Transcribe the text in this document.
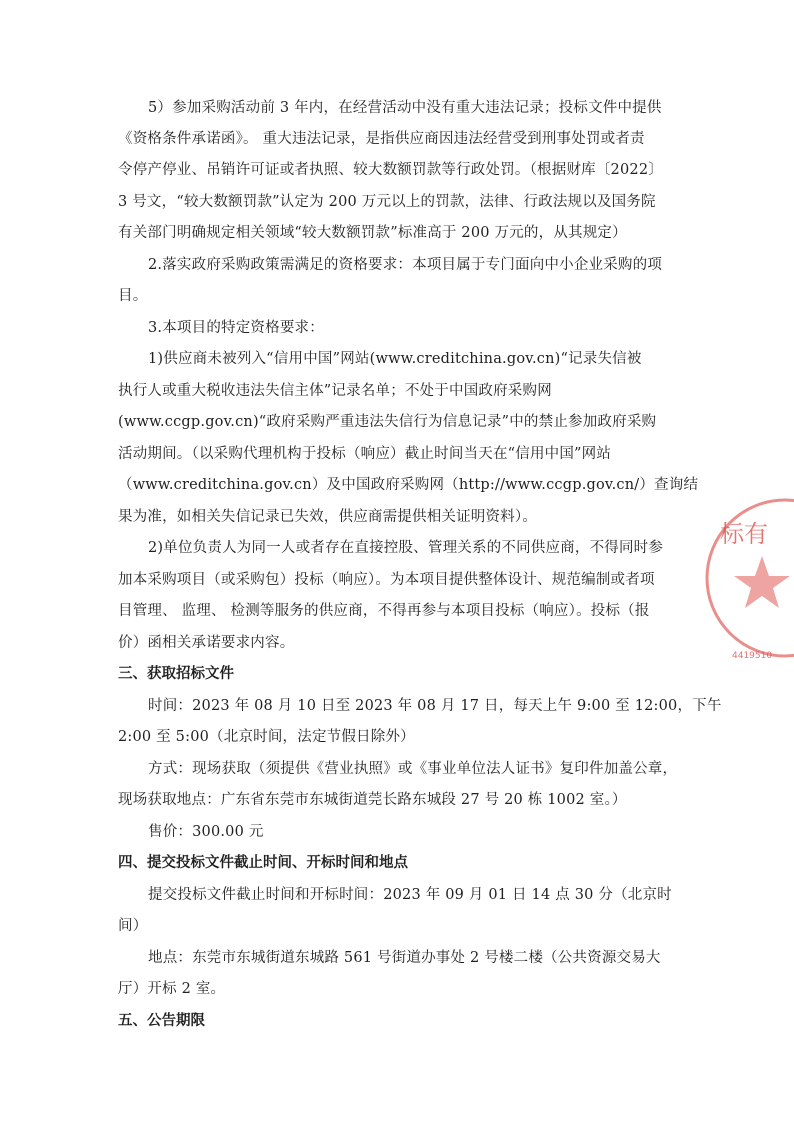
5）参加采购活动前 3 年内，在经营活动中没有重大违法记录；投标文件中提供
《资格条件承诺函》。 重大违法记录，是指供应商因违法经营受到刑事处罚或者责
令停产停业、吊销许可证或者执照、较大数额罚款等行政处罚。（根据财库〔2022〕
3 号文，“较大数额罚款”认定为 200 万元以上的罚款，法律、行政法规以及国务院
有关部门明确规定相关领域“较大数额罚款”标准高于 200 万元的，从其规定）
2.落实政府采购政策需满足的资格要求：本项目属于专门面向中小企业采购的项
目。
3.本项目的特定资格要求：
1)供应商未被列入“信用中国”网站(www.creditchina.gov.cn)“记录失信被
执行人或重大税收违法失信主体”记录名单；不处于中国政府采购网
(www.ccgp.gov.cn)“政府采购严重违法失信行为信息记录”中的禁止参加政府采购
活动期间。（以采购代理机构于投标（响应）截止时间当天在“信用中国”网站
（www.creditchina.gov.cn）及中国政府采购网（http://www.ccgp.gov.cn/）查询结
果为准，如相关失信记录已失效，供应商需提供相关证明资料）。
2)单位负责人为同一人或者存在直接控股、管理关系的不同供应商，不得同时参
加本采购项目（或采购包）投标（响应）。为本项目提供整体设计、规范编制或者项
目管理、 监理、 检测等服务的供应商，不得再参与本项目投标（响应）。投标（报
价）函相关承诺要求内容。
三、获取招标文件
时间：2023 年 08 月 10 日至 2023 年 08 月 17 日，每天上午 9:00 至 12:00，下午
2:00 至 5:00（北京时间，法定节假日除外）
方式：现场获取（须提供《营业执照》或《事业单位法人证书》复印件加盖公章，
现场获取地点：广东省东莞市东城街道莞长路东城段 27 号 20 栋 1002 室。）
售价：300.00 元
四、提交投标文件截止时间、开标时间和地点
提交投标文件截止时间和开标时间：2023 年 09 月 01 日 14 点 30 分（北京时
间）
地点：东莞市东城街道东城路 561 号街道办事处 2 号楼二楼（公共资源交易大
厅）开标 2 室。
五、公告期限
标有
4419510
